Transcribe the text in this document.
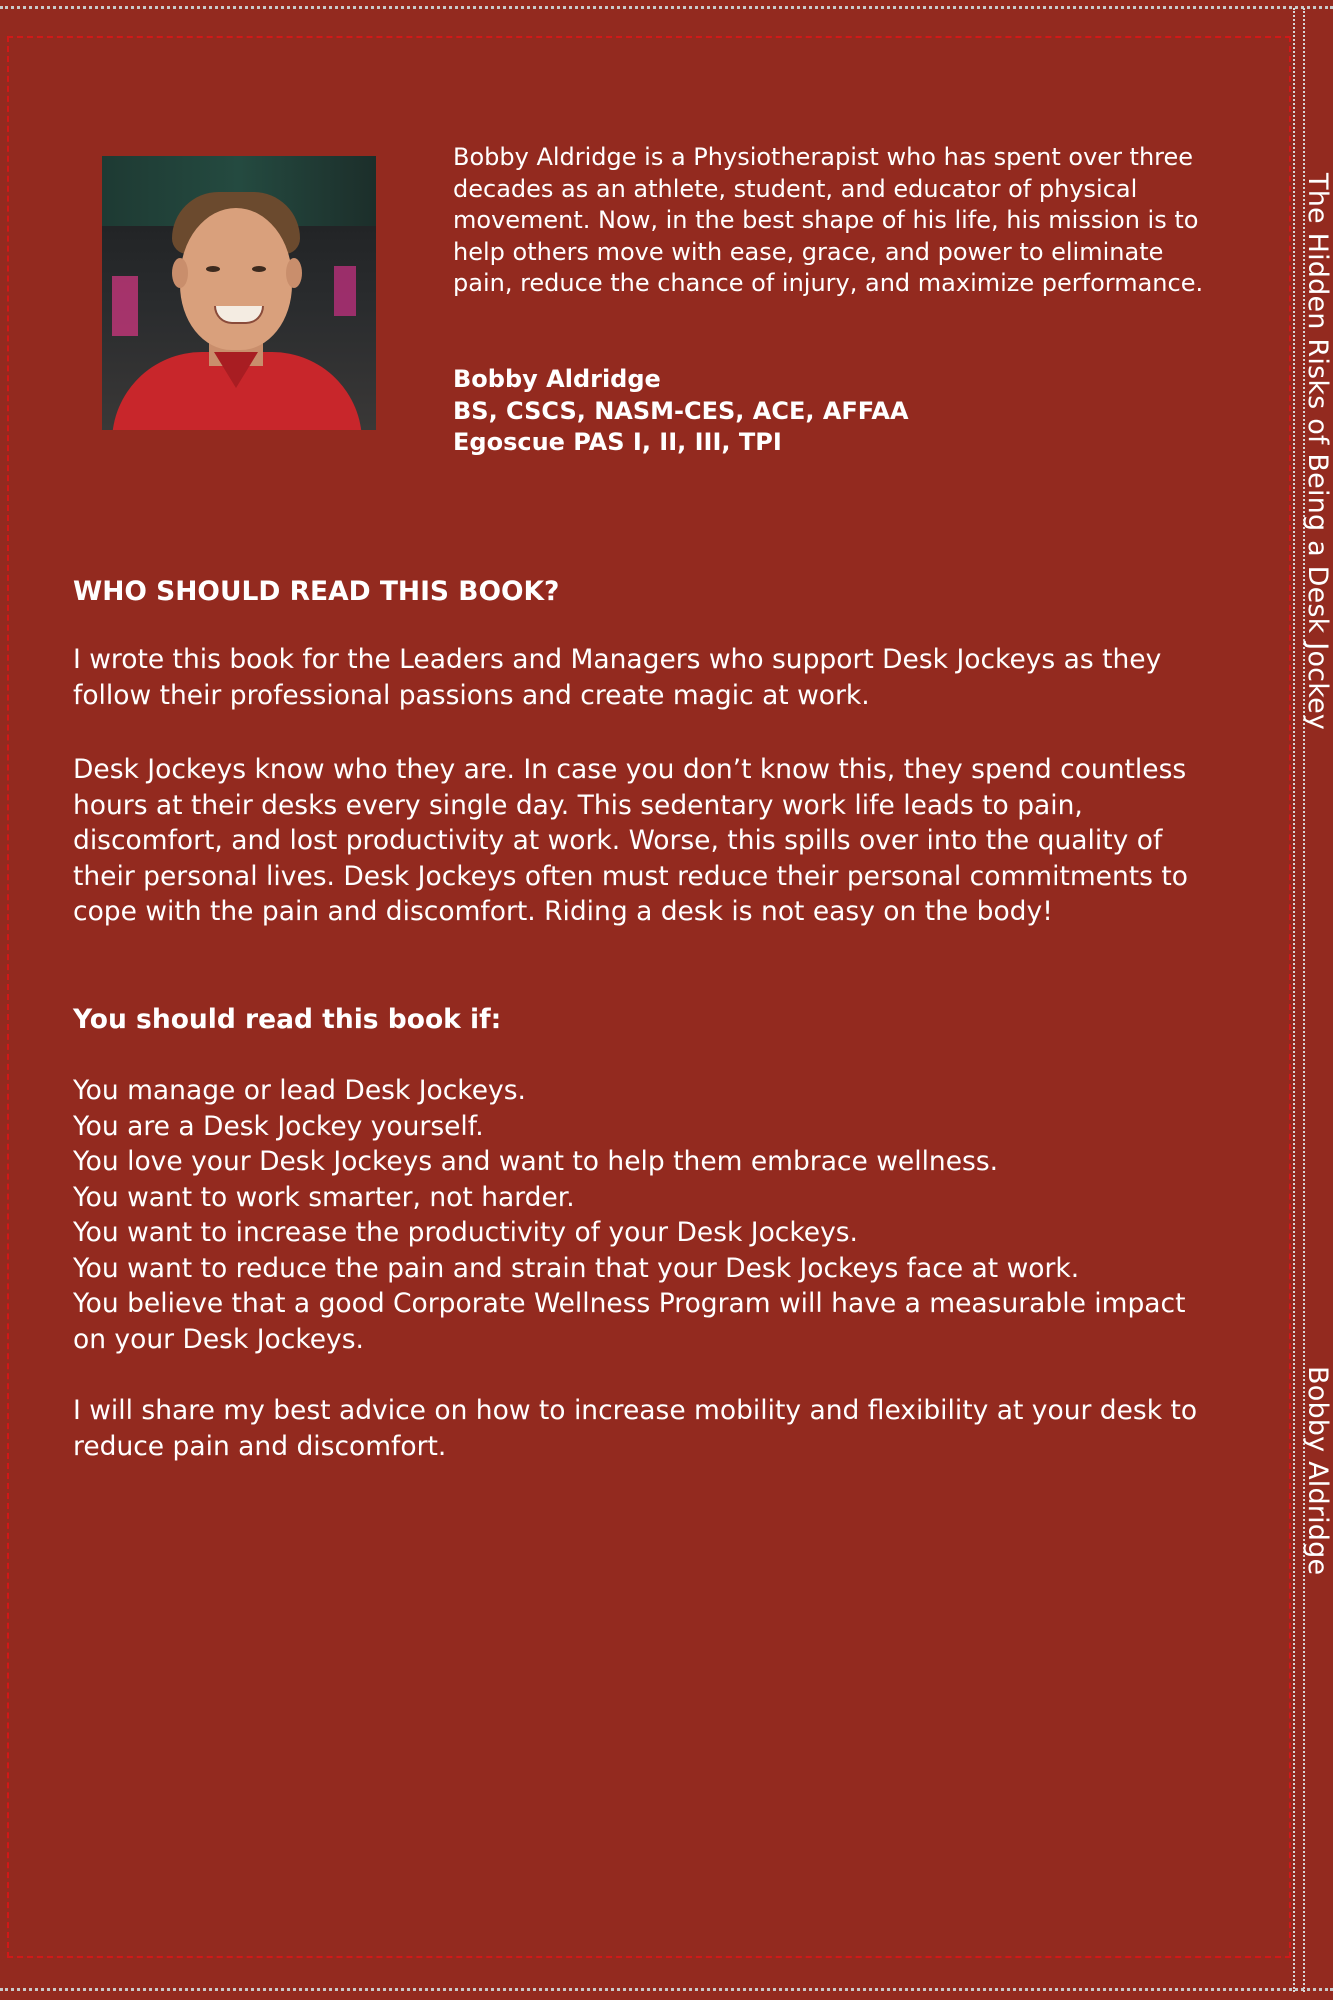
The Hidden Risks of Being a Desk Jockey
Bobby Aldridge

Bobby Aldridge is a Physiotherapist who has spent over three decades as an athlete, student, and educator of physical movement. Now, in the best shape of his life, his mission is to help others move with ease, grace, and power to eliminate pain, reduce the chance of injury, and maximize performance.

Bobby Aldridge
BS, CSCS, NASM-CES, ACE, AFFAA
Egoscue PAS I, II, III, TPI
WHO SHOULD READ THIS BOOK?

I wrote this book for the Leaders and Managers who support Desk Jockeys as they follow their professional passions and create magic at work.

Desk Jockeys know who they are. In case you don’t know this, they spend countless hours at their desks every single day. This sedentary work life leads to pain, discomfort, and lost productivity at work. Worse, this spills over into the quality of their personal lives. Desk Jockeys often must reduce their personal commitments to cope with the pain and discomfort. Riding a desk is not easy on the body!

You should read this book if:
You manage or lead Desk Jockeys.
You are a Desk Jockey yourself.
You love your Desk Jockeys and want to help them embrace wellness.
You want to work smarter, not harder.
You want to increase the productivity of your Desk Jockeys.
You want to reduce the pain and strain that your Desk Jockeys face at work.
You believe that a good Corporate Wellness Program will have a measurable impact on your Desk Jockeys.

I will share my best advice on how to increase mobility and flexibility at your desk to reduce pain and discomfort.
